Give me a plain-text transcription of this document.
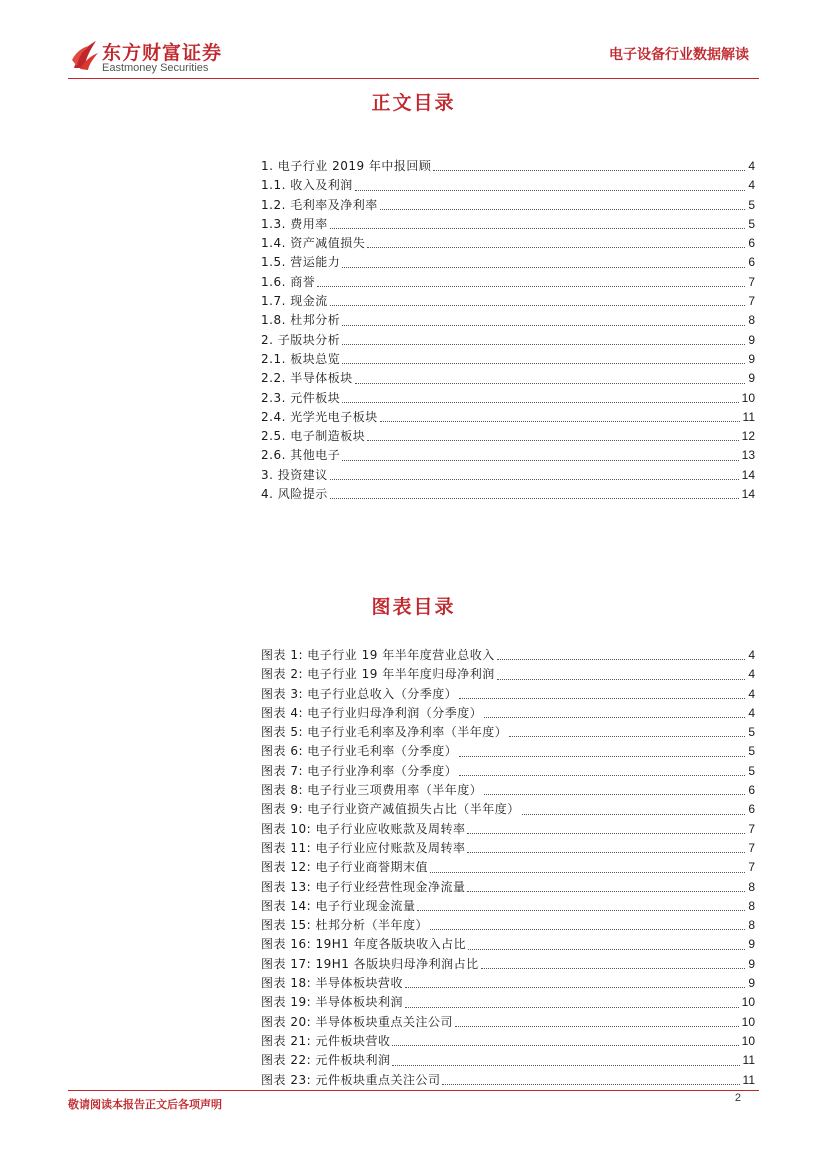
东方财富证券
Eastmoney Securities
电子设备行业数据解读
正文目录
1. 电子行业 2019 年中报回顾	4
1.1. 收入及利润	4
1.2. 毛利率及净利率	5
1.3. 费用率	5
1.4. 资产减值损失	6
1.5. 营运能力	6
1.6. 商誉	7
1.7. 现金流	7
1.8. 杜邦分析	8
2. 子版块分析	9
2.1. 板块总览	9
2.2. 半导体板块	9
2.3. 元件板块	10
2.4. 光学光电子板块	11
2.5. 电子制造板块	12
2.6. 其他电子	13
3. 投资建议	14
4. 风险提示	14
图表目录
图表 1: 电子行业 19 年半年度营业总收入	4
图表 2: 电子行业 19 年半年度归母净利润	4
图表 3: 电子行业总收入（分季度）	4
图表 4: 电子行业归母净利润（分季度）	4
图表 5: 电子行业毛利率及净利率（半年度）	5
图表 6: 电子行业毛利率（分季度）	5
图表 7: 电子行业净利率（分季度）	5
图表 8: 电子行业三项费用率（半年度）	6
图表 9: 电子行业资产减值损失占比（半年度）	6
图表 10: 电子行业应收账款及周转率	7
图表 11: 电子行业应付账款及周转率	7
图表 12: 电子行业商誉期末值	7
图表 13: 电子行业经营性现金净流量	8
图表 14: 电子行业现金流量	8
图表 15: 杜邦分析（半年度）	8
图表 16: 19H1 年度各版块收入占比	9
图表 17: 19H1 各版块归母净利润占比	9
图表 18: 半导体板块营收	9
图表 19: 半导体板块利润	10
图表 20: 半导体板块重点关注公司	10
图表 21: 元件板块营收	10
图表 22: 元件板块利润	11
图表 23: 元件板块重点关注公司	11
敬请阅读本报告正文后各项声明	2
